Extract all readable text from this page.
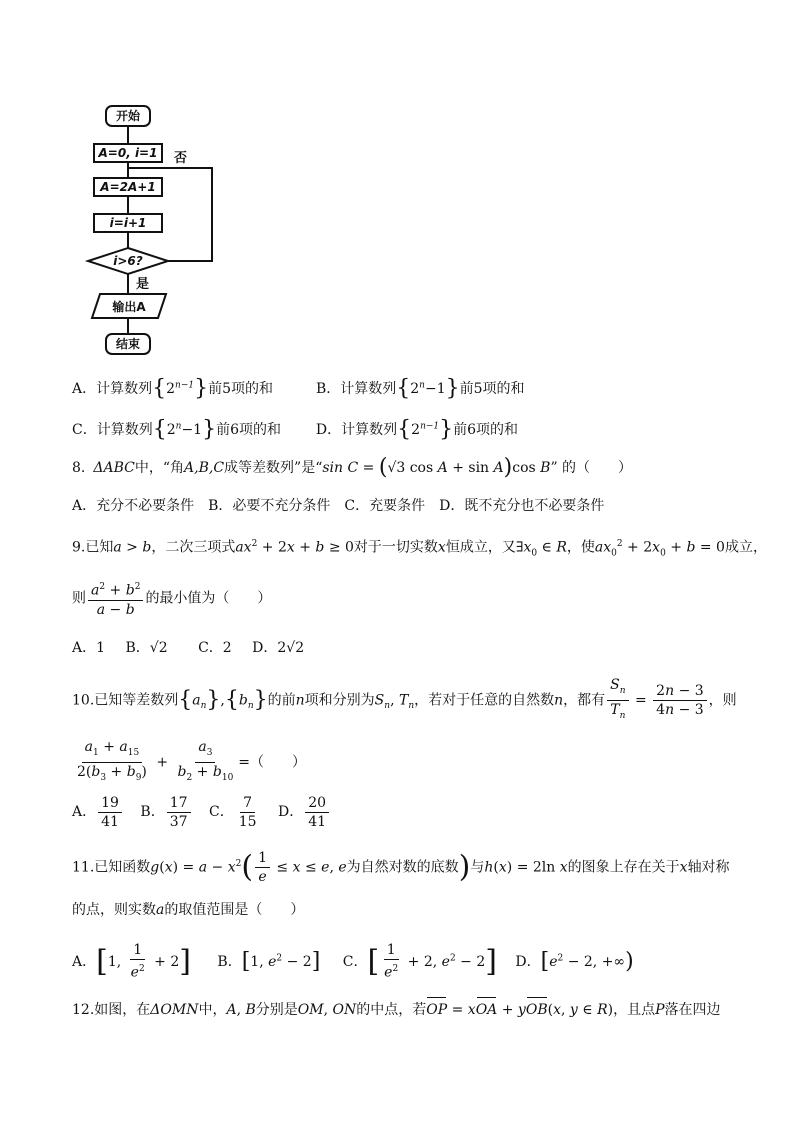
开始
A=0, i=1 否
A=2A+1
i=i+1
i>6?
是
输出A
结束
A．计算数列$\{2^{n-1}\}$前5项的和	B．计算数列$\{2^n-1\}$前5项的和
C．计算数列$\{2^n-1\}$前6项的和 D．计算数列$\{2^{n-1}\}$前6项的和
8. ΔABC中，“角A,B,C成等差数列”是“sin C = (√3 cos A + sin A)cos B” 的（　　）
A．充分不必要条件　B．必要不充分条件　C．充要条件　D．既不充分也不必要条件
9.已知a > b，二次三项式$ax^2 + 2x + b \ge 0$对于一切实数x恒成立，又$\exists x_0$ ∈ R，使$ax_0^2 + 2x_0 + b = 0$成立，
则 $\frac{a^2 + b^2}{a - b}$ 的最小值为（　　）
A．1 B．√2 C．2 D．2√2
10.已知等差数列$\{a_n\},\{b_n\}$的前n项和分别为$S_n$, $T_n$，若对于任意的自然数n，都有 $\frac{S_n}{T_n} = \frac{2n - 3}{4n - 3}$ ，则
$\frac{a_1 + a_{15}}{2(b_3 + b_9)} + \frac{a_3}{b_2 + b_{10}}$ =（　　）
A． $\frac{19}{41}$ B． $\frac{17}{37}$ C． $\frac{7}{15}$ D． $\frac{20}{41}$
11.已知函数$g(x) = a - x^2( \frac{1}{e} \le x \le e$, e为自然对数的底数)与h(x) = 2ln x的图象上存在关于x轴对称
的点，则实数a的取值范围是（　　）
A．[1, $\frac{1}{e^2} + 2$] B．[1, $e^2 - 2$] C．[ $\frac{1}{e^2} + 2$, $e^2 - 2$] D．[$e^2 - 2$, +∞)
12.如图，在ΔOMN中，A, B分别是OM, ON的中点，若OP = xOA + yOB(x, y ∈ R)，且点P落在四边
